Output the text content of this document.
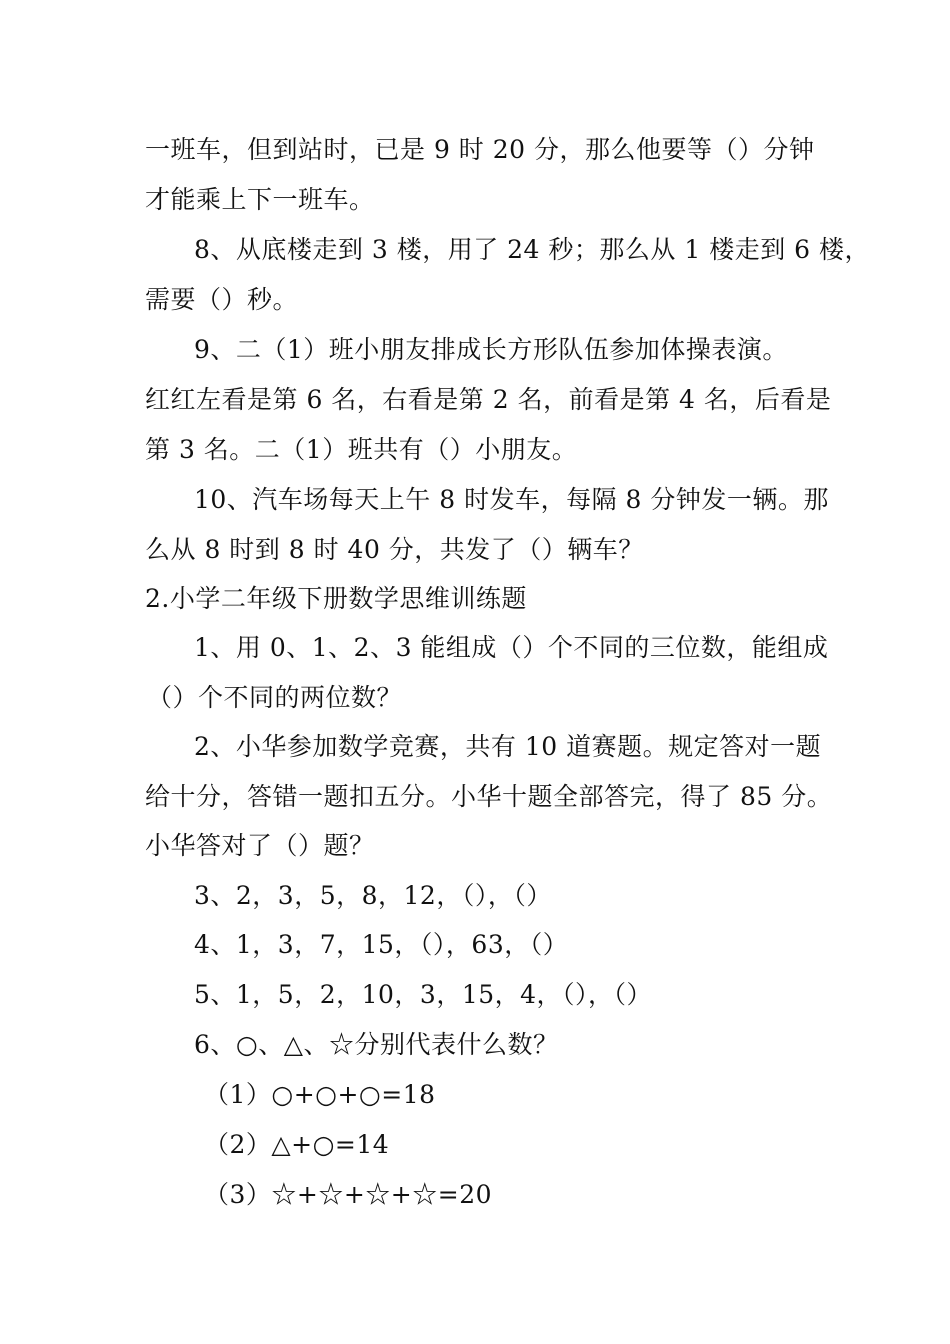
一班车，但到站时，已是 9 时 20 分，那么他要等（）分钟
才能乘上下一班车。
8、从底楼走到 3 楼，用了 24 秒；那么从 1 楼走到 6 楼，
需要（）秒。
9、二（1）班小朋友排成长方形队伍参加体操表演。
红红左看是第 6 名，右看是第 2 名，前看是第 4 名，后看是
第 3 名。二（1）班共有（）小朋友。
10、汽车场每天上午 8 时发车，每隔 8 分钟发一辆。那
么从 8 时到 8 时 40 分，共发了（）辆车？
2.小学二年级下册数学思维训练题
1、用 0、1、2、3 能组成（）个不同的三位数，能组成
（）个不同的两位数？
2、小华参加数学竞赛，共有 10 道赛题。规定答对一题
给十分，答错一题扣五分。小华十题全部答完，得了 85 分。
小华答对了（）题？
3、2，3，5，8，12，（），（）
4、1，3，7，15，（），63，（）
5、1，5，2，10，3，15，4，（），（）
6、○、△、☆分别代表什么数？
（1）○+○+○=18
（2）△+○=14
（3）☆+☆+☆+☆=20
